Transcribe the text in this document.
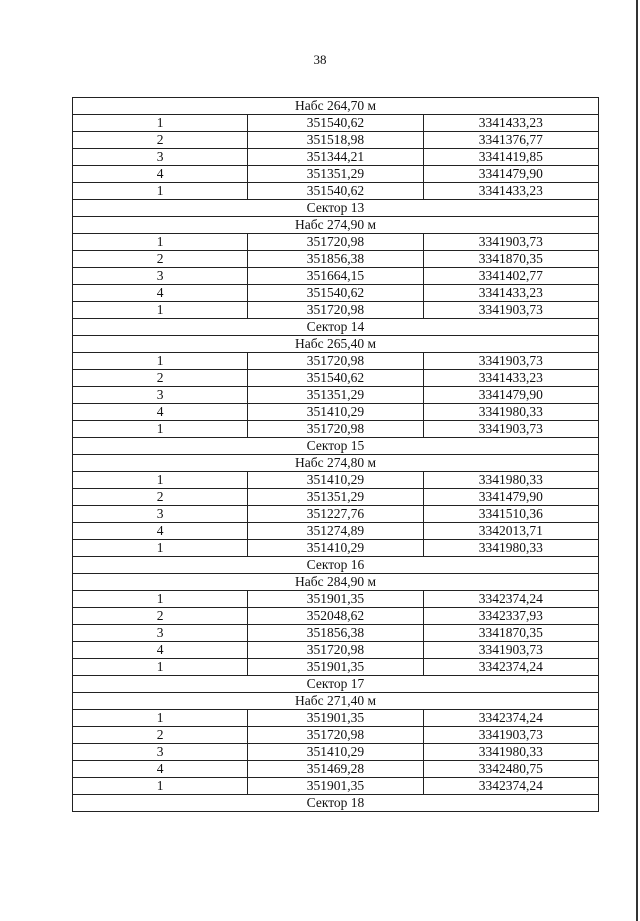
38
Набс 264,70 м		
1	351540,62	3341433,23
2	351518,98	3341376,77
3	351344,21	3341419,85
4	351351,29	3341479,90
1	351540,62	3341433,23
Сектор 13		
Набс 274,90 м		
1	351720,98	3341903,73
2	351856,38	3341870,35
3	351664,15	3341402,77
4	351540,62	3341433,23
1	351720,98	3341903,73
Сектор 14		
Набс 265,40 м		
1	351720,98	3341903,73
2	351540,62	3341433,23
3	351351,29	3341479,90
4	351410,29	3341980,33
1	351720,98	3341903,73
Сектор 15		
Набс 274,80 м		
1	351410,29	3341980,33
2	351351,29	3341479,90
3	351227,76	3341510,36
4	351274,89	3342013,71
1	351410,29	3341980,33
Сектор 16		
Набс 284,90 м		
1	351901,35	3342374,24
2	352048,62	3342337,93
3	351856,38	3341870,35
4	351720,98	3341903,73
1	351901,35	3342374,24
Сектор 17		
Набс 271,40 м		
1	351901,35	3342374,24
2	351720,98	3341903,73
3	351410,29	3341980,33
4	351469,28	3342480,75
1	351901,35	3342374,24
Сектор 18		
